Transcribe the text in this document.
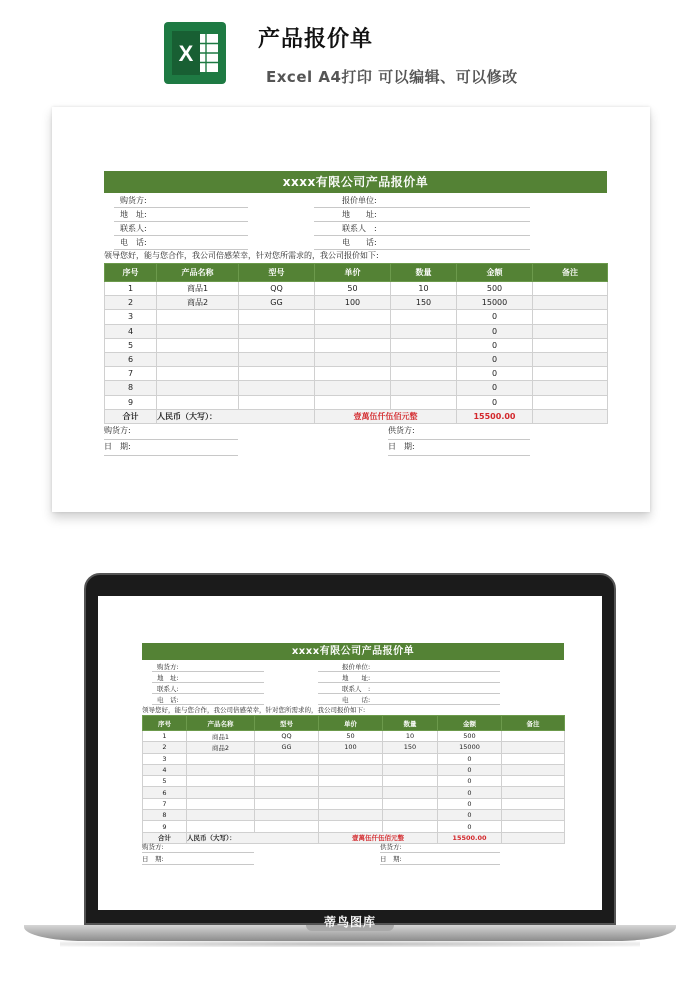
X
产品报价单
Excel A4打印 可以编辑、可以修改
蒂鸟图库
xxxx有限公司产品报价单
购货方:	报价单位:
地　址:	地　　址:
联系人:	联系人　:
电　话:	电　　话:
领导您好，能与您合作，我公司倍感荣幸，针对您所需求的，我公司报价如下:
序号	产品名称	型号	单价	数量	金额	备注
1	商品1	QQ	50	10	500	
2	商品2	GG	100	150	15000	
3					0	
4					0	
5					0	
6					0	
7					0	
8					0	
9					0	
合计	人民币（大写）：		壹萬伍仟伍佰元整		15500.00	
购货方:	供货方:
日　期:	日　期:
xxxx有限公司产品报价单
购货方:	报价单位:
地　址:	地　　址:
联系人:	联系人　:
电　话:	电　　话:
领导您好，能与您合作，我公司倍感荣幸，针对您所需求的，我公司报价如下:
序号	产品名称	型号	单价	数量	金额	备注
1	商品1	QQ	50	10	500	
2	商品2	GG	100	150	15000	
3					0	
4					0	
5					0	
6					0	
7					0	
8					0	
9					0	
合计	人民币（大写）：		壹萬伍仟伍佰元整		15500.00	
购货方:	供货方:
日　期:	日　期:
